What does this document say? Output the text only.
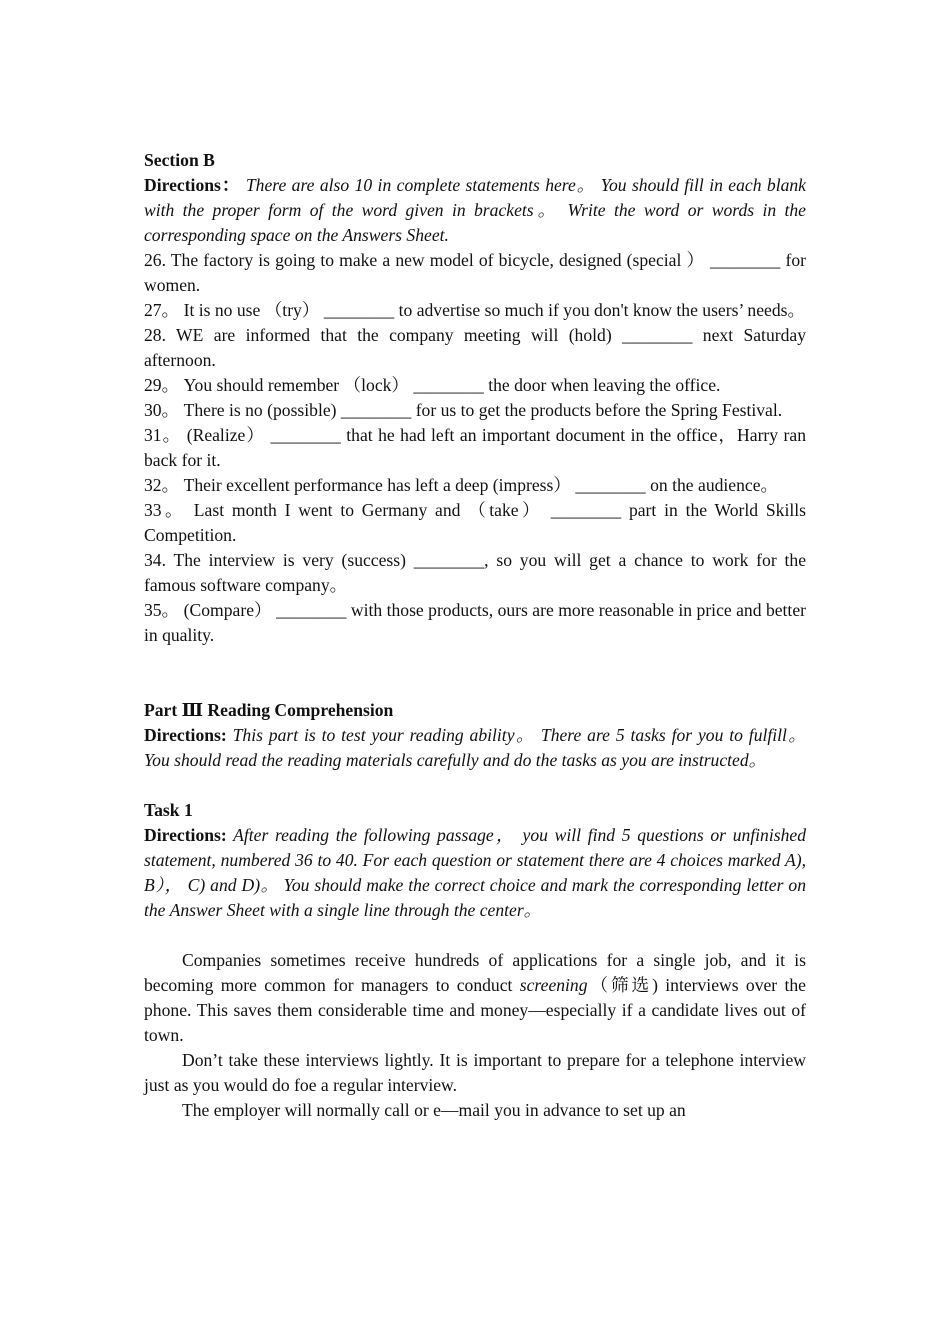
Section B

Directions： There are also 10 in complete statements here。 You should fill in each blank with the proper form of the word given in brackets。 Write the word or words in the corresponding space on the Answers Sheet.

26. The factory is going to make a new model of bicycle, designed (special ） ________ for women.

27。 It is no use （try） ________ to advertise so much if you don't know the users’ needs。

28. WE are informed that the company meeting will (hold) ________ next Saturday afternoon.

29。 You should remember （lock） ________ the door when leaving the office.

30。 There is no (possible) ________ for us to get the products before the Spring Festival.

31。 (Realize） ________ that he had left an important document in the office，Harry ran back for it.

32。 Their excellent performance has left a deep (impress） ________ on the audience。

33。 Last month I went to Germany and （take） ________ part in the World Skills Competition.

34. The interview is very (success) ________, so you will get a chance to work for the famous software company。

35。 (Compare） ________ with those products, ours are more reasonable in price and better in quality.

Part Ⅲ Reading Comprehension

Directions: This part is to test your reading ability。 There are 5 tasks for you to fulfill。 You should read the reading materials carefully and do the tasks as you are instructed。

Task 1

Directions: After reading the following passage， you will find 5 questions or unfinished statement, numbered 36 to 40. For each question or statement there are 4 choices marked A), B）， C) and D)。 You should make the correct choice and mark the corresponding letter on the Answer Sheet with a single line through the center。

Companies sometimes receive hundreds of applications for a single job, and it is becoming more common for managers to conduct screening（筛选) interviews over the phone. This saves them considerable time and money—especially if a candidate lives out of town.

Don’t take these interviews lightly. It is important to prepare for a telephone interview just as you would do foe a regular interview.

The employer will normally call or e—mail you in advance to set up an
